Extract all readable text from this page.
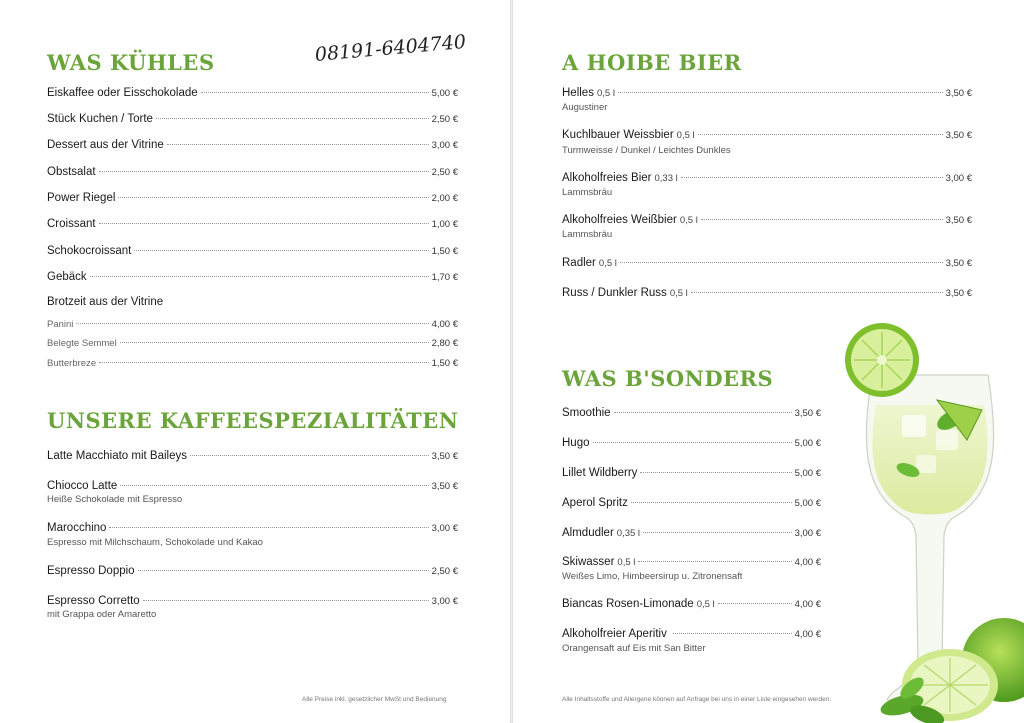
WAS KÜHLES	08191-6404740
Eiskaffee oder Eisschokolade	5,00 €
Stück Kuchen / Torte	2,50 €
Dessert aus der Vitrine	3,00 €
Obstsalat	2,50 €
Power Riegel	2,00 €
Croissant	1,00 €
Schokocroissant	1,50 €
Gebäck	1,70 €
Brotzeit aus der Vitrine
Panini	4,00 €
Belegte Semmel	2,80 €
Butterbreze	1,50 €
UNSERE KAFFEESPEZIALITÄTEN
Latte Macchiato mit Baileys	3,50 €
Chiocco Latte	3,50 €
Heiße Schokolade mit Espresso
Marocchino	3,00 €
Espresso mit Milchschaum, Schokolade und Kakao
Espresso Doppio	2,50 €
Espresso Corretto	3,00 €
mit Grappa oder Amaretto
Alle Preise inkl. gesetzlicher MwSt und Bedienung
A HOIBE BIER
Helles 0,5 l	3,50 €
Augustiner
Kuchlbauer Weissbier 0,5 l	3,50 €
Turmweisse / Dunkel / Leichtes Dunkles
Alkoholfreies Bier 0,33 l	3,00 €
Lammsbräu
Alkoholfreies Weißbier 0,5 l	3,50 €
Lammsbräu
Radler 0,5 l	3,50 €
Russ / Dunkler Russ 0,5 l	3,50 €
WAS B'SONDERS
Smoothie	3,50 €
Hugo	5,00 €
Lillet Wildberry	5,00 €
Aperol Spritz	5,00 €
Almdudler 0,35 l	3,00 €
Skiwasser 0,5 l	4,00 €
Weißes Limo, Himbeersirup u. Zitronensaft
Biancas Rosen-Limonade 0,5 l	4,00 €
Alkoholfreier Aperitiv	4,00 €
Orangensaft auf Eis mit San Bitter
Alle Inhaltsstoffe und Allergene können auf Anfrage bei uns in einer Liste eingesehen werden.
